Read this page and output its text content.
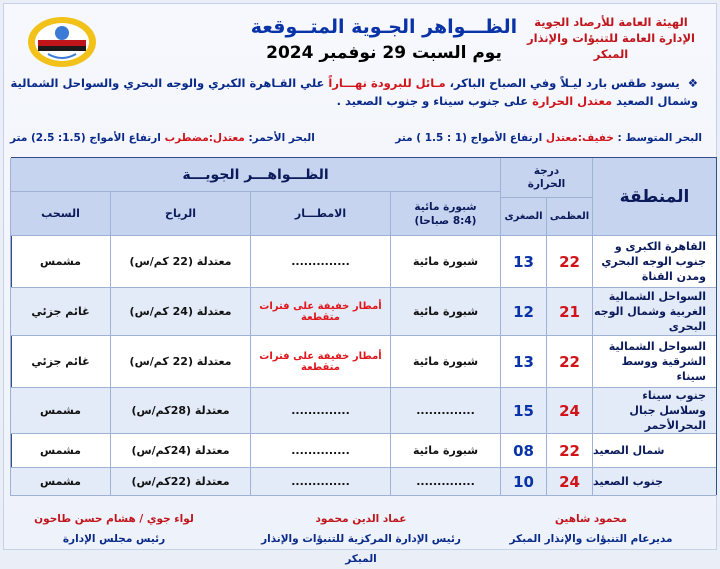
الهيئة العامة للأرصاد الجوية
الإدارة العامة للتنبؤات والإنذار المبكر
الظـــواهر الجـوية المتــوقعة
يوم السبت 29 نوفمبر 2024
❖ يسود طقس بارد ليـلاً وفي الصباح الباكر، مـائل للبرودة نهـــاراً علي القـاهرة الكبري والوجه البحري والسواحل الشمالية
وشمال الصعيد معتدل الحرارة على جنوب سيناء و جنوب الصعيد .
البحر المتوسط : خفيف:معتدل ارتفاع الأمواج (1 : 1.5 ) متر
البحر الأحمر: معتدل:مضطرب ارتفاع الأمواج (1.5: 2.5) متر
المنطقة
درجة الحرارة
العظمى
الصغرى
الظـــواهـــر الجويـــة
شبورة مائية (8:4 صباحا)
الامطـــار
الرياح
السحب
القاهرة الكبرى و جنوب الوجه البحري ومدن القناة
22
13
شبورة مائية
..............
معتدلة (22 كم/س)
مشمس
السواحل الشمالية الغربية وشمال الوجه البحرى
21
12
شبورة مائية
أمطار خفيفة على فترات متقطعة
معتدلة (24 كم/س)
غائم جزئي
السواحل الشمالية الشرقية ووسط سيناء
22
13
شبورة مائية
أمطار خفيفة على فترات متقطعة
معتدلة (22 كم/س)
غائم جزئي
جنوب سيناء وسلاسل جبال البحرالأحمر
24
15
..............
..............
معتدلة (28كم/س)
مشمس
شمال الصعيد
22
08
شبورة مائية
..............
معتدلة (24كم/س)
مشمس
جنوب الصعيد
24
10
..............
..............
معتدلة (22كم/س)
مشمس
محمود شاهين
مديرعام التنبؤات والإنذار المبكر
عماد الدين محمود
رئيس الإدارة المركزية للتنبؤات والإنذار المبكر
لواء جوي / هشام حسن طاحون
رئيس مجلس الإدارة
